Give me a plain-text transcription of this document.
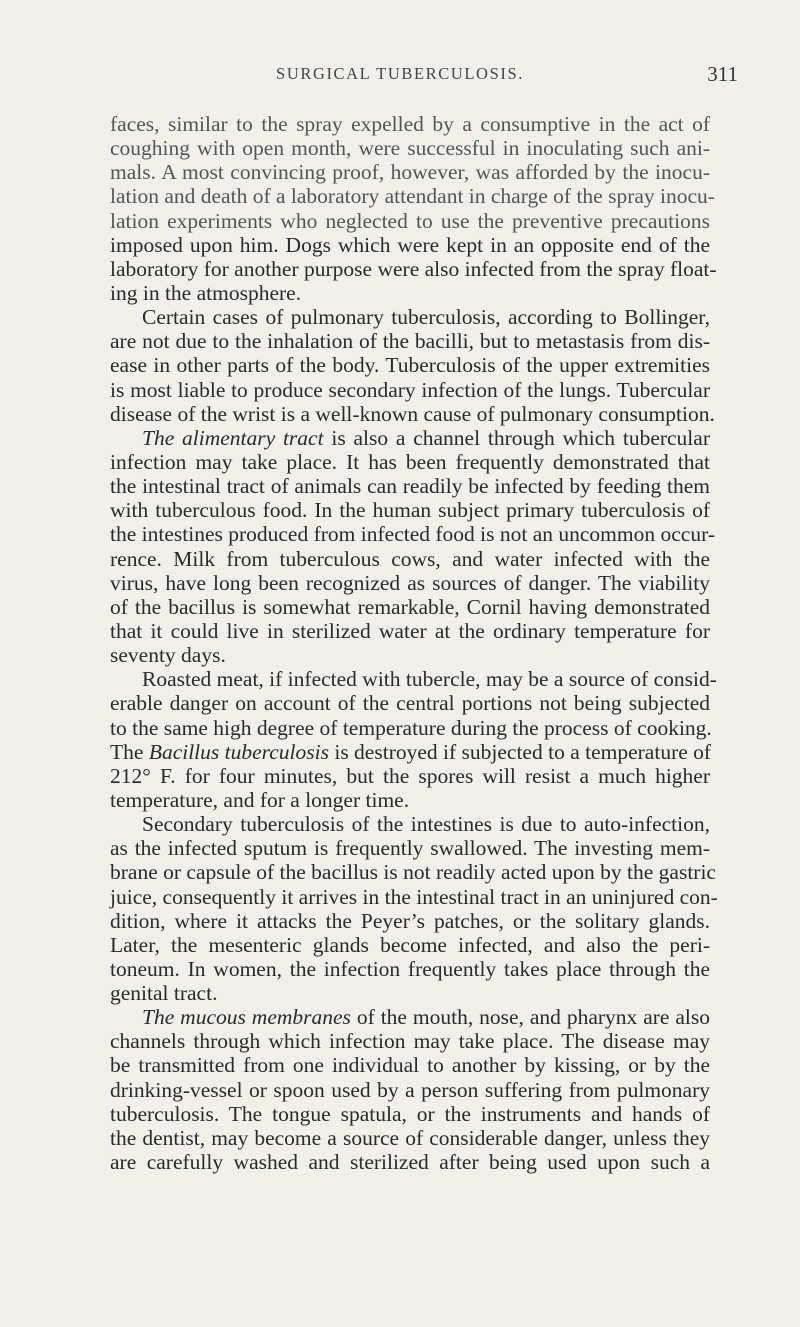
SURGICAL TUBERCULOSIS.	311
faces, similar to the spray expelled by a consumptive in the act of
coughing with open month, were successful in inoculating such ani-
mals. A most convincing proof, however, was afforded by the inocu-
lation and death of a laboratory attendant in charge of the spray inocu-
lation experiments who neglected to use the preventive precautions
imposed upon him. Dogs which were kept in an opposite end of the
laboratory for another purpose were also infected from the spray float-
ing in the atmosphere.
Certain cases of pulmonary tuberculosis, according to Bollinger,
are not due to the inhalation of the bacilli, but to metastasis from dis-
ease in other parts of the body. Tuberculosis of the upper extremities
is most liable to produce secondary infection of the lungs. Tubercular
disease of the wrist is a well-known cause of pulmonary consumption.
The alimentary tract is also a channel through which tubercular
infection may take place. It has been frequently demonstrated that
the intestinal tract of animals can readily be infected by feeding them
with tuberculous food. In the human subject primary tuberculosis of
the intestines produced from infected food is not an uncommon occur-
rence. Milk from tuberculous cows, and water infected with the
virus, have long been recognized as sources of danger. The viability
of the bacillus is somewhat remarkable, Cornil having demonstrated
that it could live in sterilized water at the ordinary temperature for
seventy days.
Roasted meat, if infected with tubercle, may be a source of consid-
erable danger on account of the central portions not being subjected
to the same high degree of temperature during the process of cooking.
The Bacillus tuberculosis is destroyed if subjected to a temperature of
212° F. for four minutes, but the spores will resist a much higher
temperature, and for a longer time.
Secondary tuberculosis of the intestines is due to auto-infection,
as the infected sputum is frequently swallowed. The investing mem-
brane or capsule of the bacillus is not readily acted upon by the gastric
juice, consequently it arrives in the intestinal tract in an uninjured con-
dition, where it attacks the Peyer’s patches, or the solitary glands.
Later, the mesenteric glands become infected, and also the peri-
toneum. In women, the infection frequently takes place through the
genital tract.
The mucous membranes of the mouth, nose, and pharynx are also
channels through which infection may take place. The disease may
be transmitted from one individual to another by kissing, or by the
drinking-vessel or spoon used by a person suffering from pulmonary
tuberculosis. The tongue spatula, or the instruments and hands of
the dentist, may become a source of considerable danger, unless they
are carefully washed and sterilized after being used upon such a
